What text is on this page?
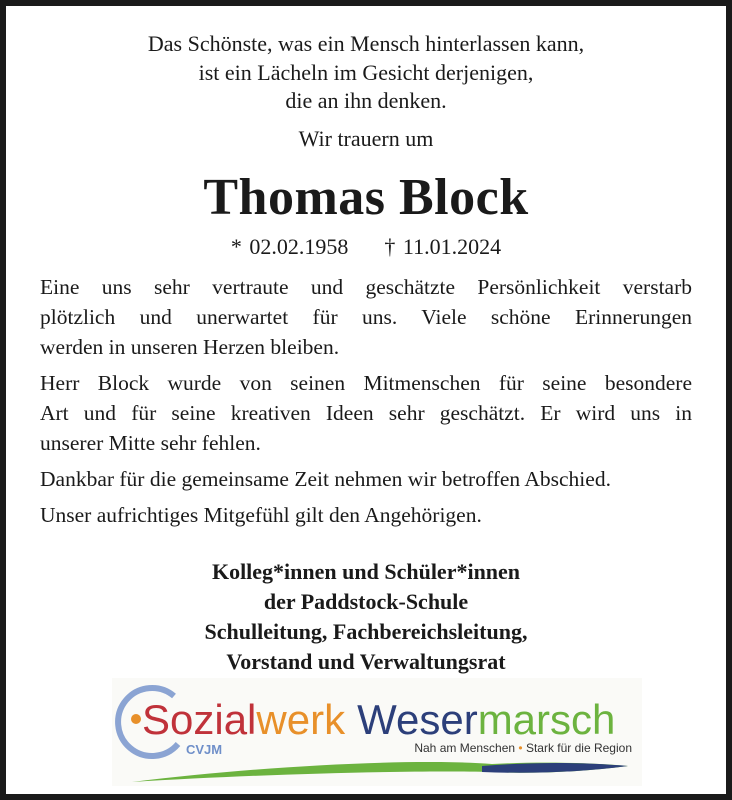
Das Schönste, was ein Mensch hinterlassen kann,
ist ein Lächeln im Gesicht derjenigen,
die an ihn denken.
Wir trauern um
Thomas Block
* 02.02.1958 † 11.01.2024
Eine uns sehr vertraute und geschätzte Persönlichkeit verstarb
plötzlich und unerwartet für uns. Viele schöne Erinnerungen
werden in unseren Herzen bleiben.
Herr Block wurde von seinen Mitmenschen für seine besondere
Art und für seine kreativen Ideen sehr geschätzt. Er wird uns in
unserer Mitte sehr fehlen.
Dankbar für die gemeinsame Zeit nehmen wir betroffen Abschied.
Unser aufrichtiges Mitgefühl gilt den Angehörigen.
Kolleg*innen und Schüler*innen
der Paddstock-Schule
Schulleitung, Fachbereichsleitung,
Vorstand und Verwaltungsrat
Sozialwerk Wesermarsch
CVJM	Nah am Menschen • Stark für die Region
